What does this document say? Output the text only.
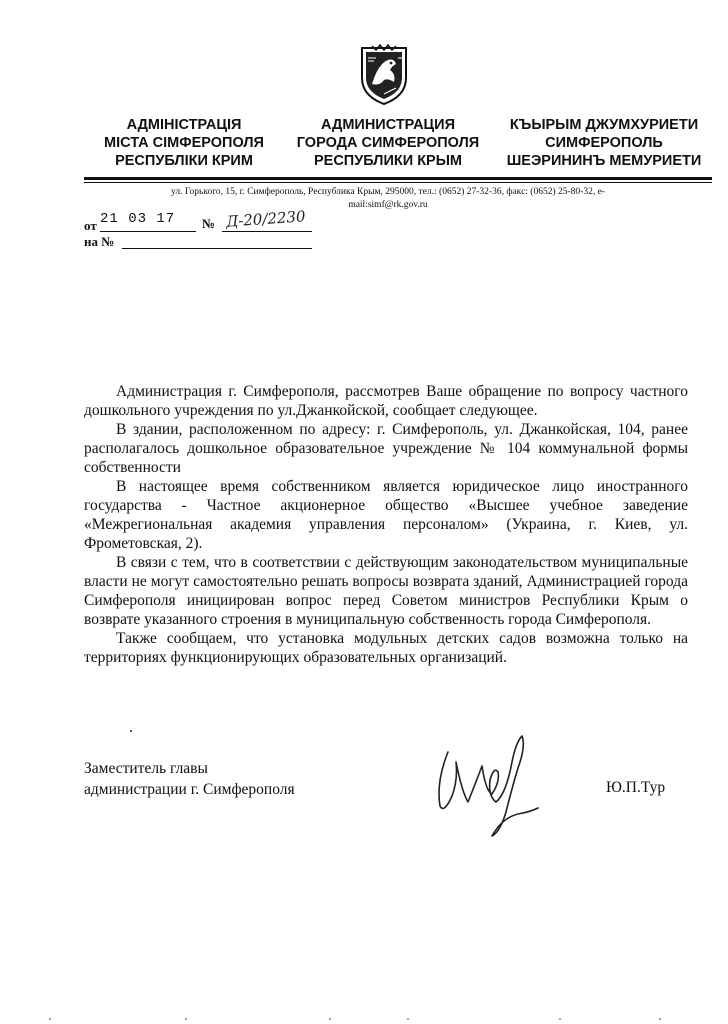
АДМІНІСТРАЦІЯ
МІСТА СІМФЕРОПОЛЯ
РЕСПУБЛІКИ КРИМ
АДМИНИСТРАЦИЯ
ГОРОДА СИМФЕРОПОЛЯ
РЕСПУБЛИКИ КРЫМ
КЪЫРЫМ ДЖУМХУРИЕТИ
СИМФЕРОПОЛЬ
ШЕЭРИНИНЪ МЕМУРИЕТИ
ул. Горького, 15, г. Симферополь, Республика Крым, 295000, тел.: (0652) 27-32-36, факс: (0652) 25-80-32, e-
mail:simf@rk.gov.ru
от 21 03 17 № Д-20/2230
на №

Администрация г. Симферополя, рассмотрев Ваше обращение по вопросу частного дошкольного учреждения по ул.Джанкойской, сообщает следующее.

В здании, расположенном по адресу: г. Симферополь, ул. Джанкойская, 104, ранее располагалось дошкольное образовательное учреждение № 104 коммунальной формы собственности

В настоящее время собственником является юридическое лицо иностранного государства - Частное акционерное общество «Высшее учебное заведение «Межрегиональная академия управления персоналом» (Украина, г. Киев, ул. Фрометовская, 2).

В связи с тем, что в соответствии с действующим законодательством муниципальные власти не могут самостоятельно решать вопросы возврата зданий, Администрацией города Симферополя инициирован вопрос перед Советом министров Республики Крым о возврате указанного строения в муниципальную собственность города Симферополя.

Также сообщаем, что установка модульных детских садов возможна только на территориях функционирующих образовательных организаций.

Заместитель главы
администрации г. Симферополя	Ю.П.Тур
